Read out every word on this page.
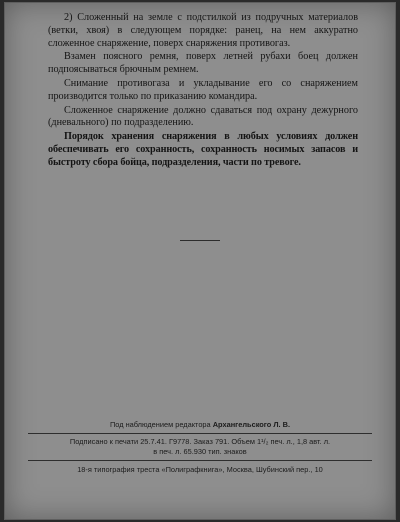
2) Сложенный на земле с подстилкой из подручных материалов (ветки, хвоя) в следующем порядке: ранец, на нем аккуратно сложенное снаряжение, поверх снаряжения противогаз.

Взамен поясного ремня, поверх летней рубахи боец должен подпоясываться брючным ремнем.

Снимание противогаза и укладывание его со снаряжением производится только по приказанию командира.

Сложенное снаряжение должно сдаваться под охрану дежурного (дневального) по подразделению.

Порядок хранения снаряжения в любых условиях должен обеспечивать его сохранность, сохранность носимых запасов и быстроту сбора бойца, подразделения, части по тревоге.

Под наблюдением редактора Архангельского Л. В.
Подписано к печати 25.7.41. Г9778. Заказ 791. Объем 1¹/₂ печ. л., 1,8 авт. л.
в печ. л. 65.930 тип. знаков
18-я типография треста «Полиграфкнига», Москва, Шубинский пер., 10
